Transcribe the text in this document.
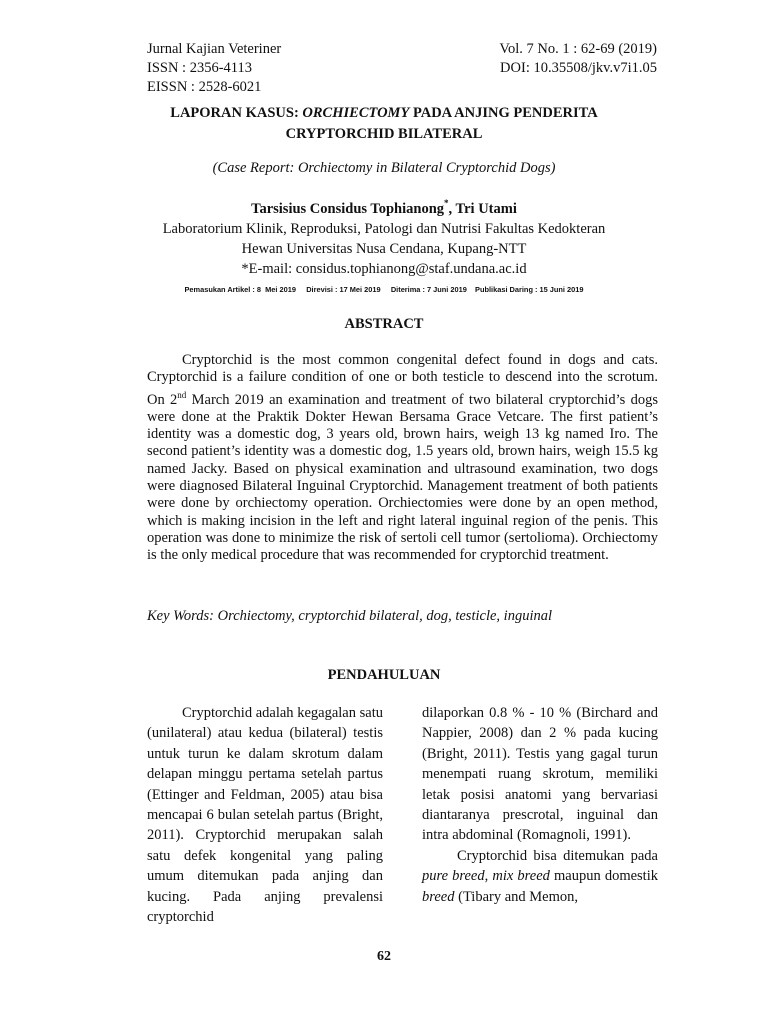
Jurnal Kajian Veteriner	Vol. 7 No. 1 : 62-69 (2019)
ISSN : 2356-4113	DOI: 10.35508/jkv.v7i1.05
EISSN : 2528-6021
LAPORAN KASUS: ORCHIECTOMY PADA ANJING PENDERITA
CRYPTORCHID BILATERAL
(Case Report: Orchiectomy in Bilateral Cryptorchid Dogs)
Tarsisius Considus Tophianong*, Tri Utami
Laboratorium Klinik, Reproduksi, Patologi dan Nutrisi Fakultas Kedokteran
Hewan Universitas Nusa Cendana, Kupang-NTT
*E-mail: considus.tophianong@staf.undana.ac.id
Pemasukan Artikel : 8  Mei 2019     Direvisi : 17 Mei 2019     Diterima : 7 Juni 2019    Publikasi Daring : 15 Juni 2019
ABSTRACT

Cryptorchid is the most common congenital defect found in dogs and cats. Cryptorchid is a failure condition of one or both testicle to descend into the scrotum. On 2nd March 2019 an examination and treatment of two bilateral cryptorchid’s dogs were done at the Praktik Dokter Hewan Bersama Grace Vetcare. The first patient’s identity was a domestic dog, 3 years old, brown hairs, weigh 13 kg named Iro. The second patient’s identity was a domestic dog, 1.5 years old, brown hairs, weigh 15.5 kg named Jacky. Based on physical examination and ultrasound examination, two dogs were diagnosed Bilateral Inguinal Cryptorchid. Management treatment of both patients were done by orchiectomy operation. Orchiectomies were done by an open method, which is making incision in the left and right lateral inguinal region of the penis. This operation was done to minimize the risk of sertoli cell tumor (sertolioma). Orchiectomy is the only medical procedure that was recommended for cryptorchid treatment.

Key Words: Orchiectomy, cryptorchid bilateral, dog, testicle, inguinal
PENDAHULUAN

Cryptorchid adalah kegagalan satu (unilateral) atau kedua (bilateral) testis untuk turun ke dalam skrotum dalam delapan minggu pertama setelah partus (Ettinger and Feldman, 2005) atau bisa mencapai 6 bulan setelah partus (Bright, 2011). Cryptorchid merupakan salah satu defek kongenital yang paling umum ditemukan pada anjing dan kucing. Pada anjing prevalensi cryptorchid

dilaporkan 0.8 % - 10 % (Birchard and Nappier, 2008) dan 2 % pada kucing (Bright, 2011). Testis yang gagal turun menempati ruang skrotum, memiliki letak posisi anatomi yang bervariasi diantaranya prescrotal, inguinal dan intra abdominal (Romagnoli, 1991).

Cryptorchid bisa ditemukan pada pure breed, mix breed maupun domestik breed (Tibary and Memon,

62
